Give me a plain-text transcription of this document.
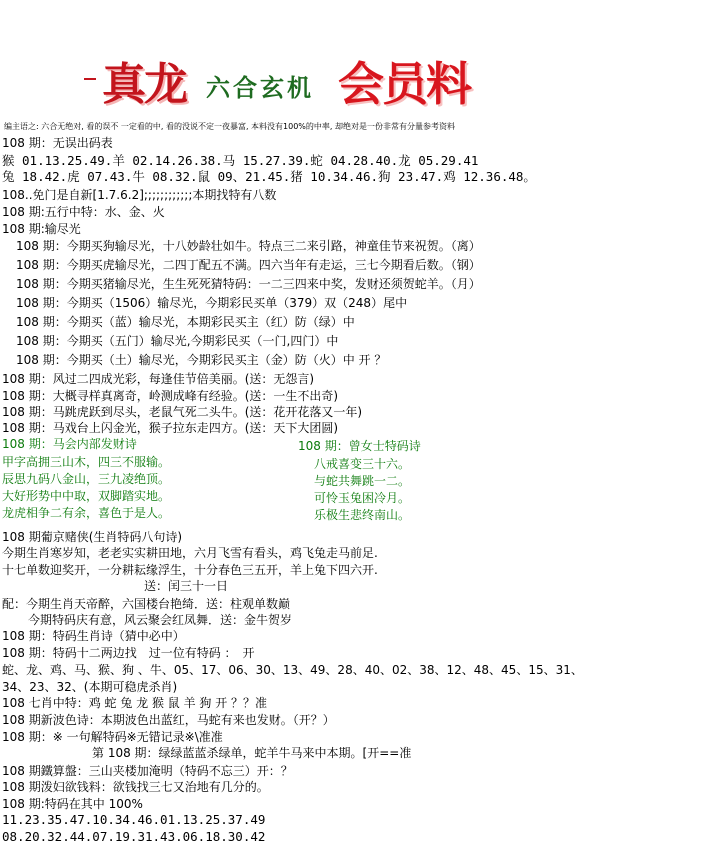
真龙 六合玄机 会员料
编主语之: 六合无绝对, 看的误不 一定看的中, 看的没说不定一夜暴富, 本料没有100%的中率, 却绝对是一份非常有分量参考资料
108 期：无误出码表
猴 01.13.25.49.羊 02.14.26.38.马 15.27.39.蛇 04.28.40.龙 05.29.41
兔 18.42.虎 07.43.牛 08.32.鼠 09、21.45.猪 10.34.46.狗 23.47.鸡 12.36.48。
108..免门是自新[1.7.6.2];;;;;;;;;;;;本期找特有八数
108 期:五行中特：水、金、火
108 期:输尽光
108 期：今期买狗输尽光，十八妙龄壮如牛。特点三二来引路，神童佳节来祝贺。（离）
108 期：今期买虎输尽光，二四丁配五不满。四六当年有走运，三七今期看后数。（钢）
108 期：今期买猪输尽光，生生死死猜特码：一二三四来中奖，发财还须贺蛇羊。（月）
108 期：今期买（1506）输尽光，今期彩民买单（379）双（248）尾中
108 期：今期买（蓝）输尽光，本期彩民买主（红）防（绿）中
108 期：今期买（五门）输尽光,今期彩民买（一门,四门）中
108 期：今期买（土）输尽光，今期彩民买主（金）防（火）中 开 ？
108 期：风过二四成光彩，每逢佳节倍美丽。(送：无怨言)
108 期：大概寻样真离奇，岭测成峰有经验。(送：一生不出奇)
108 期：马跳虎跃到尽头，老鼠气死二头牛。(送：花开花落又一年)
108 期：马戏台上闪金光，猴子拉东走四方。(送：天下大团圆)
108 期：马会内部发财诗
甲字高拥三山木，四三不服输。
辰思九码八金山，三九凌绝顶。
大好形势中中取，双脚踏实地。
龙虎相争二有余，喜色于是人。
108 期：曾女士特码诗
八戒喜变三十六。
与蛇共舞跳一二。
可怜玉兔困冷月。
乐极生悲终南山。
108 期葡京赌侠(生肖特码八句诗)
今期生肖寒岁知，老老实实耕田地，六月飞雪有看头，鸡飞兔走马前足.
十七单数迎奖开，一分耕耘缘浮生，十分春色三五开，羊上兔下四六开.
送：闰三十一日
配：今期生肖天帝醉，六国楼台艳绮．送：柱观单数巅
今期特码庆有意，风云聚会红凤舞．送：金牛贺岁
108 期：特码生肖诗（猜中必中）
108 期：特码十二两边找　过一位有特码 ：　开
蛇、龙、鸡、马、猴、狗 、牛、05、17、06、30、13、49、28、40、02、38、12、48、45、15、31、
34、23、32、(本期可稳虎杀肖)
108 七肖中特：鸡 蛇 兔 龙 猴 鼠 羊 狗 开 ？？准
108 期新波色诗：本期波色出蓝红，马蛇有来也发财。（开？）
108 期：※ 一句解特码※无错记录※\准准
第 108 期：绿绿蓝蓝杀绿单，蛇羊牛马来中本期。[开==准
108 期鐵算盤：三山夹楼加淹明（特码不忘三）开：？
108 期泼妇欲钱料：欲钱找三七又治地有几分的。
108 期:特码在其中 100%
11.23.35.47.10.34.46.01.13.25.37.49
08.20.32.44.07.19.31.43.06.18.30.42
